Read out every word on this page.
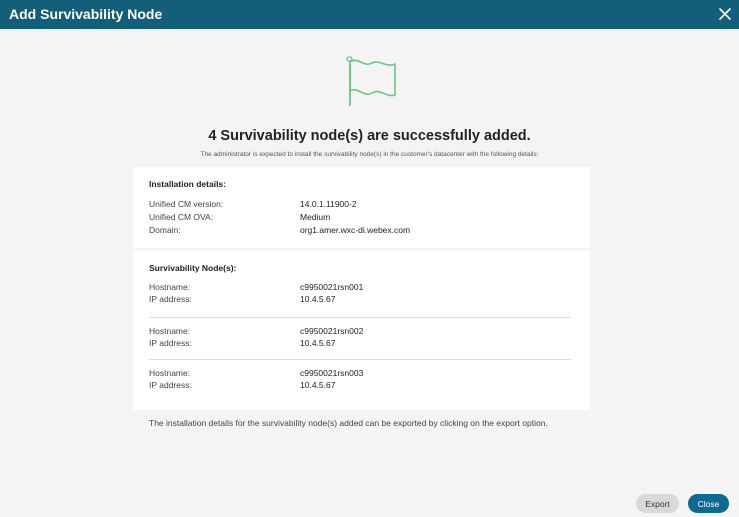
Add Survivability Node
4 Survivability node(s) are successfully added.
The administrator is expected to install the survivability node(s) in the customer's datacenter with the following details:
Installation details:
Unified CM version:	14.0.1.11900-2
Unified CM OVA:	Medium
Domain:	org1.amer.wxc-di.webex.com
Survivability Node(s):
Hostname:	c9950021rsn001
IP address:	10.4.5.67
Hostname:	c9950021rsn002
IP address:	10.4.5.67
Hostname:	c9950021rsn003
IP address:	10.4.5.67
The installation details for the survivability node(s) added can be exported by clicking on the export option.
Export	Close
